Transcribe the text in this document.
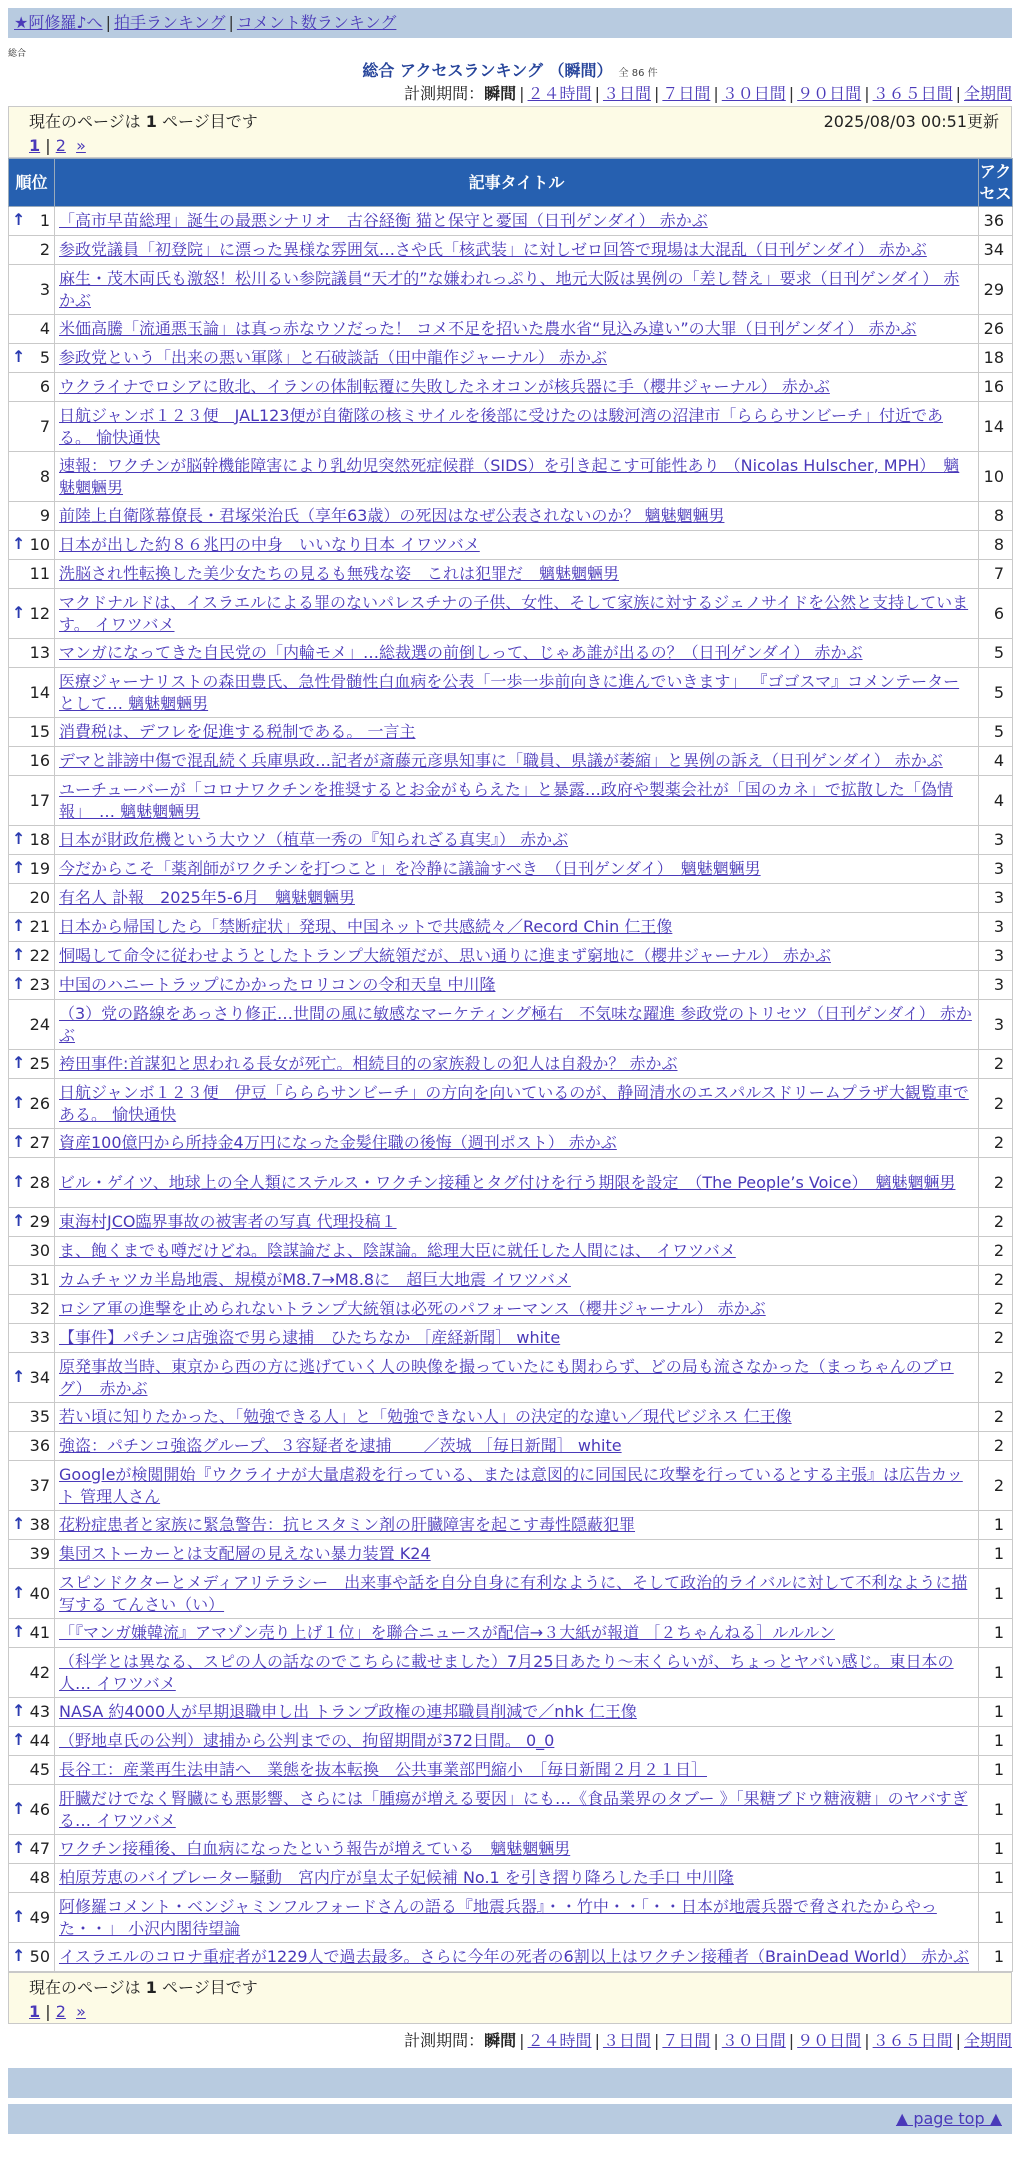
★阿修羅♪へ | 拍手ランキング | コメント数ランキング
総合
総合 アクセスランキング （瞬間） 全 86 件
計測期間：瞬間 | ２４時間 | ３日間 | ７日間 | ３０日間 | ９０日間 | ３６５日間 | 全期間
現在のページは 1 ページ目です	2025/08/03 00:51更新
1 | 2 »
順位	記事タイトル	アクセス

↑ 1	「高市早苗総理」誕生の最悪シナリオ　古谷経衡 猫と保守と憂国（日刊ゲンダイ） 赤かぶ	36
2	参政党議員「初登院」に漂った異様な雰囲気…さや氏「核武装」に対しゼロ回答で現場は大混乱（日刊ゲンダイ） 赤かぶ	34
3	麻生・茂木両氏も激怒！松川るい参院議員“天才的”な嫌われっぷり、地元大阪は異例の「差し替え」要求（日刊ゲンダイ） 赤かぶ	29
4	米価高騰「流通悪玉論」は真っ赤なウソだった！ コメ不足を招いた農水省“見込み違い”の大罪（日刊ゲンダイ） 赤かぶ	26

↑ 5	参政党という「出来の悪い軍隊」と石破談話（田中龍作ジャーナル） 赤かぶ	18
6	ウクライナでロシアに敗北、イランの体制転覆に失敗したネオコンが核兵器に手（櫻井ジャーナル） 赤かぶ	16
7	日航ジャンボ１２３便　JAL123便が自衛隊の核ミサイルを後部に受けたのは駿河湾の沼津市「らららサンビーチ」付近である。 愉快通快	14
8	速報：ワクチンが脳幹機能障害により乳幼児突然死症候群（SIDS）を引き起こす可能性あり （Nicolas Hulscher, MPH）　魑魅魍魎男	10
9	前陸上自衛隊幕僚長・君塚栄治氏（享年63歳）の死因はなぜ公表されないのか？ 魑魅魍魎男	8

↑ 10	日本が出した約８６兆円の中身　いいなり日本 イワツバメ	8
11	洗脳され性転換した美少女たちの見るも無残な姿　これは犯罪だ　魑魅魍魎男	7

↑ 12	マクドナルドは、イスラエルによる罪のないパレスチナの子供、女性、そして家族に対するジェノサイドを公然と支持しています。 イワツバメ	6
13	マンガになってきた自民党の「内輪モメ」…総裁選の前倒しって、じゃあ誰が出るの？（日刊ゲンダイ） 赤かぶ	5
14	医療ジャーナリストの森田豊氏、急性骨髄性白血病を公表「一歩一歩前向きに進んでいきます」 『ゴゴスマ』コメンテーターとして… 魑魅魍魎男	5
15	消費税は、デフレを促進する税制である。 一言主	5
16	デマと誹謗中傷で混乱続く兵庫県政…記者が斎藤元彦県知事に「職員、県議が萎縮」と異例の訴え（日刊ゲンダイ） 赤かぶ	4
17	ユーチューバーが「コロナワクチンを推奨するとお金がもらえた」と暴露…政府や製薬会社が「国のカネ」で拡散した「偽情報」　… 魑魅魍魎男	4

↑ 18	日本が財政危機という大ウソ（植草一秀の『知られざる真実』） 赤かぶ	3

↑ 19	今だからこそ「薬剤師がワクチンを打つこと」を冷静に議論すべき　（日刊ゲンダイ）　魑魅魍魎男	3
20	有名人 訃報　2025年5-6月　魑魅魍魎男	3

↑ 21	日本から帰国したら「禁断症状」発現、中国ネットで共感続々／Record Chin 仁王像	3

↑ 22	恫喝して命令に従わせようとしたトランプ大統領だが、思い通りに進まず窮地に（櫻井ジャーナル） 赤かぶ	3

↑ 23	中国のハニートラップにかかったロリコンの令和天皇 中川隆	3
24	（3）党の路線をあっさり修正…世間の風に敏感なマーケティング極右　不気味な躍進 参政党のトリセツ（日刊ゲンダイ） 赤かぶ	3

↑ 25	袴田事件:首謀犯と思われる長女が死亡。相続目的の家族殺しの犯人は自殺か？ 赤かぶ	2

↑ 26	日航ジャンボ１２３便　伊豆「らららサンビーチ」の方向を向いているのが、静岡清水のエスパルスドリームプラザ大観覧車である。 愉快通快	2

↑ 27	資産100億円から所持金4万円になった金髪住職の後悔（週刊ポスト） 赤かぶ	2

↑ 28	ビル・ゲイツ、地球上の全人類にステルス・ワクチン接種とタグ付けを行う期限を設定　（The People’s Voice）　魑魅魍魎男	2

↑ 29	東海村JCO臨界事故の被害者の写真 代理投稿１	2
30	ま、飽くまでも噂だけどね。陰謀論だよ、陰謀論。総理大臣に就任した人間には、 イワツバメ	2
31	カムチャツカ半島地震、規模がM8.7→M8.8に　超巨大地震 イワツバメ	2
32	ロシア軍の進撃を止められないトランプ大統領は必死のパフォーマンス（櫻井ジャーナル） 赤かぶ	2
33	【事件】パチンコ店強盗で男ら逮捕　ひたちなか ［産経新聞］ white	2

↑ 34	原発事故当時、東京から西の方に逃げていく人の映像を撮っていたにも関わらず、どの局も流さなかった（まっちゃんのブログ）　赤かぶ	2
35	若い頃に知りたかった、「勉強できる人」と「勉強できない人」の決定的な違い／現代ビジネス 仁王像	2
36	強盗：パチンコ強盗グループ、３容疑者を逮捕　　／茨城 ［毎日新聞］ white	2
37	Googleが検閲開始『ウクライナが大量虐殺を行っている、または意図的に同国民に攻撃を行っているとする主張』は広告カット 管理人さん	2

↑ 38	花粉症患者と家族に緊急警告：抗ヒスタミン剤の肝臓障害を起こす毒性隠蔽犯罪	1
39	集団ストーカーとは支配層の見えない暴力装置 K24	1

↑ 40	スピンドクターとメディアリテラシー　出来事や話を自分自身に有利なように、そして政治的ライバルに対して不利なように描写する てんさい（い）	1

↑ 41	「『マンガ嫌韓流』アマゾン売り上げ１位」を聯合ニュースが配信→３大紙が報道 ［２ちゃんねる］ルルルン	1
42	（科学とは異なる、スピの人の話なのでこちらに載せました）7月25日あたり～末くらいが、ちょっとヤバい感じ。東日本の人… イワツバメ	1

↑ 43	NASA 約4000人が早期退職申し出 トランプ政権の連邦職員削減で／nhk 仁王像	1

↑ 44	（野地卓氏の公判）逮捕から公判までの、拘留期間が372日間。 0_0	1
45	長谷工：産業再生法申請へ　業態を抜本転換　公共事業部門縮小　［毎日新聞２月２１日］	1

↑ 46	肝臓だけでなく腎臓にも悪影響、さらには「腫瘍が増える要因」にも…《食品業界のタブー 》「果糖ブドウ糖液糖」のヤバすぎる… イワツバメ	1

↑ 47	ワクチン接種後、白血病になったという報告が増えている　魑魅魍魎男	1
48	柏原芳恵のバイブレーター騒動　宮内庁が皇太子妃候補 No.1 を引き摺り降ろした手口 中川隆	1

↑ 49	阿修羅コメント・ベンジャミンフルフォードさんの語る『地震兵器』・・竹中・・「・・日本が地震兵器で脅されたからやった・・」 小沢内閣待望論	1

↑ 50	イスラエルのコロナ重症者が1229人で過去最多。さらに今年の死者の6割以上はワクチン接種者（BrainDead World） 赤かぶ	1
現在のページは 1 ページ目です
1 | 2 »
計測期間：瞬間 | ２４時間 | ３日間 | ７日間 | ３０日間 | ９０日間 | ３６５日間 | 全期間
▲ page top ▲
